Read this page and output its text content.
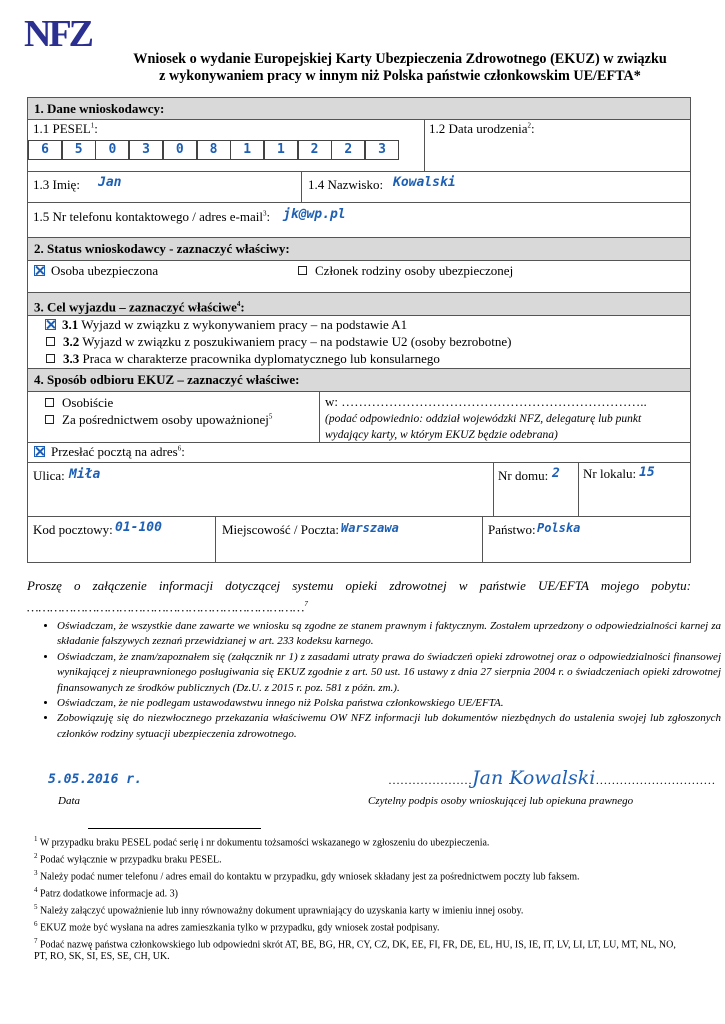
NFZ
Wniosek o wydanie Europejskiej Karty Ubezpieczenia Zdrowotnego (EKUZ) w związku
z wykonywaniem pracy w innym niż Polska państwie członkowskim UE/EFTA*
1. Dane wnioskodawcy:
1.1 PESEL$^1$:	1.2 Data urodzenia$^2$:
6	5	0	3	0	8	1	1	2	2	3
1.3 Imię: Jan	1.4 Nazwisko: Kowalski
1.5 Nr telefonu kontaktowego / adres e-mail$^3$: jk@wp.pl
2. Status wnioskodawcy - zaznaczyć właściwy:
Osoba ubezpieczona	Członek rodziny osoby ubezpieczonej
3. Cel wyjazdu – zaznaczyć właściwe$^4$:
3.1 Wyjazd w związku z wykonywaniem pracy – na podstawie A1
3.2 Wyjazd w związku z poszukiwaniem pracy – na podstawie U2 (osoby bezrobotne)
3.3 Praca w charakterze pracownika dyplomatycznego lub konsularnego
4. Sposób odbioru EKUZ – zaznaczyć właściwe:
Osobiście
Za pośrednictwem osoby upoważnionej$^5$
w: ……………………………………………………………..
(podać odpowiednio: oddział wojewódzki NFZ, delegaturę lub punkt wydający karty, w którym EKUZ będzie odebrana)
Przesłać pocztą na adres$^6$:
Ulica: Miła	Nr domu: 2 Nr lokalu: 15
Kod pocztowy: 01-100	Miejscowość / Poczta: Warszawa	Państwo: Polska
Proszę o załączenie informacji dotyczącej systemu opieki zdrowotnej w państwie UE/EFTA mojego pobytu: ………………………………………………………………$^7$
• Oświadczam, że wszystkie dane zawarte we wniosku są zgodne ze stanem prawnym i faktycznym. Zostałem uprzedzony o odpowiedzialności karnej za składanie fałszywych zeznań przewidzianej w art. 233 kodeksu karnego.
• Oświadczam, że znam/zapoznałem się (załącznik nr 1) z zasadami utraty prawa do świadczeń opieki zdrowotnej oraz o odpowiedzialności finansowej wynikającej z nieuprawnionego posługiwania się EKUZ zgodnie z art. 50 ust. 16 ustawy z dnia 27 sierpnia 2004 r. o świadczeniach opieki zdrowotnej finansowanych ze środków publicznych (Dz.U. z 2015 r. poz. 581 z późn. zm.).
• Oświadczam, że nie podlegam ustawodawstwu innego niż Polska państwa członkowskiego UE/EFTA.
• Zobowiązuję się do niezwłocznego przekazania właściwemu OW NFZ informacji lub dokumentów niezbędnych do ustalenia swojej lub zgłoszonych członków rodziny sytuacji ubezpieczenia zdrowotnego.
5.05.2016 r.
Data
…………………Jan Kowalski…………………………
Czytelny podpis osoby wnioskującej lub opiekuna prawnego
$^1$ W przypadku braku PESEL podać serię i nr dokumentu tożsamości wskazanego w zgłoszeniu do ubezpieczenia.
$^2$ Podać wyłącznie w przypadku braku PESEL.
$^3$ Należy podać numer telefonu / adres email do kontaktu w przypadku, gdy wniosek składany jest za pośrednictwem poczty lub faksem.
$^4$ Patrz dodatkowe informacje ad. 3)
$^5$ Należy załączyć upoważnienie lub inny równoważny dokument uprawniający do uzyskania karty w imieniu innej osoby.
$^6$ EKUZ może być wysłana na adres zamieszkania tylko w przypadku, gdy wniosek został podpisany.
$^7$ Podać nazwę państwa członkowskiego lub odpowiedni skrót AT, BE, BG, HR, CY, CZ, DK, EE, FI, FR, DE, EL, HU, IS, IE, IT, LV, LI, LT, LU, MT, NL, NO, PT, RO, SK, SI, ES, SE, CH, UK.
